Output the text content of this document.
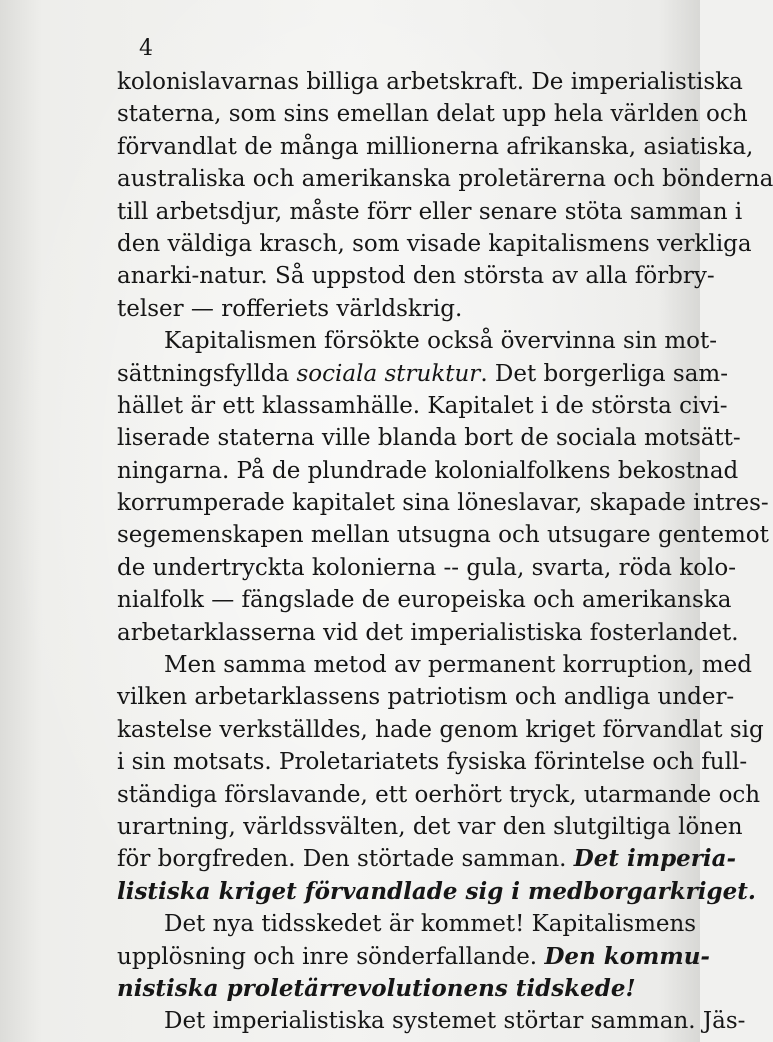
4
kolonislavarnas billiga arbetskraft. De imperialistiska
staterna, som sins emellan delat upp hela världen och
förvandlat de många millionerna afrikanska, asiatiska,
australiska och amerikanska proletärerna och bönderna
till arbetsdjur, måste förr eller senare stöta samman i
den väldiga krasch, som visade kapitalismens verkliga
anarki-natur. Så uppstod den största av alla förbry-
telser — rofferiets världskrig.
Kapitalismen försökte också övervinna sin mot-
sättningsfyllda sociala struktur. Det borgerliga sam-
hället är ett klassamhälle. Kapitalet i de största civi-
liserade staterna ville blanda bort de sociala motsätt-
ningarna. På de plundrade kolonialfolkens bekostnad
korrumperade kapitalet sina löneslavar, skapade intres-
segemenskapen mellan utsugna och utsugare gentemot
de undertryckta kolonierna -- gula, svarta, röda kolo-
nialfolk — fängslade de europeiska och amerikanska
arbetarklasserna vid det imperialistiska fosterlandet.
Men samma metod av permanent korruption, med
vilken arbetarklassens patriotism och andliga under-
kastelse verkställdes, hade genom kriget förvandlat sig
i sin motsats. Proletariatets fysiska förintelse och full-
ständiga förslavande, ett oerhört tryck, utarmande och
urartning, världssvälten, det var den slutgiltiga lönen
för borgfreden. Den störtade samman. Det imperia-
listiska kriget förvandlade sig i medborgarkriget.
Det nya tidsskedet är kommet! Kapitalismens
upplösning och inre sönderfallande. Den kommu-
nistiska proletärrevolutionens tidskede!
Det imperialistiska systemet störtar samman. Jäs-
